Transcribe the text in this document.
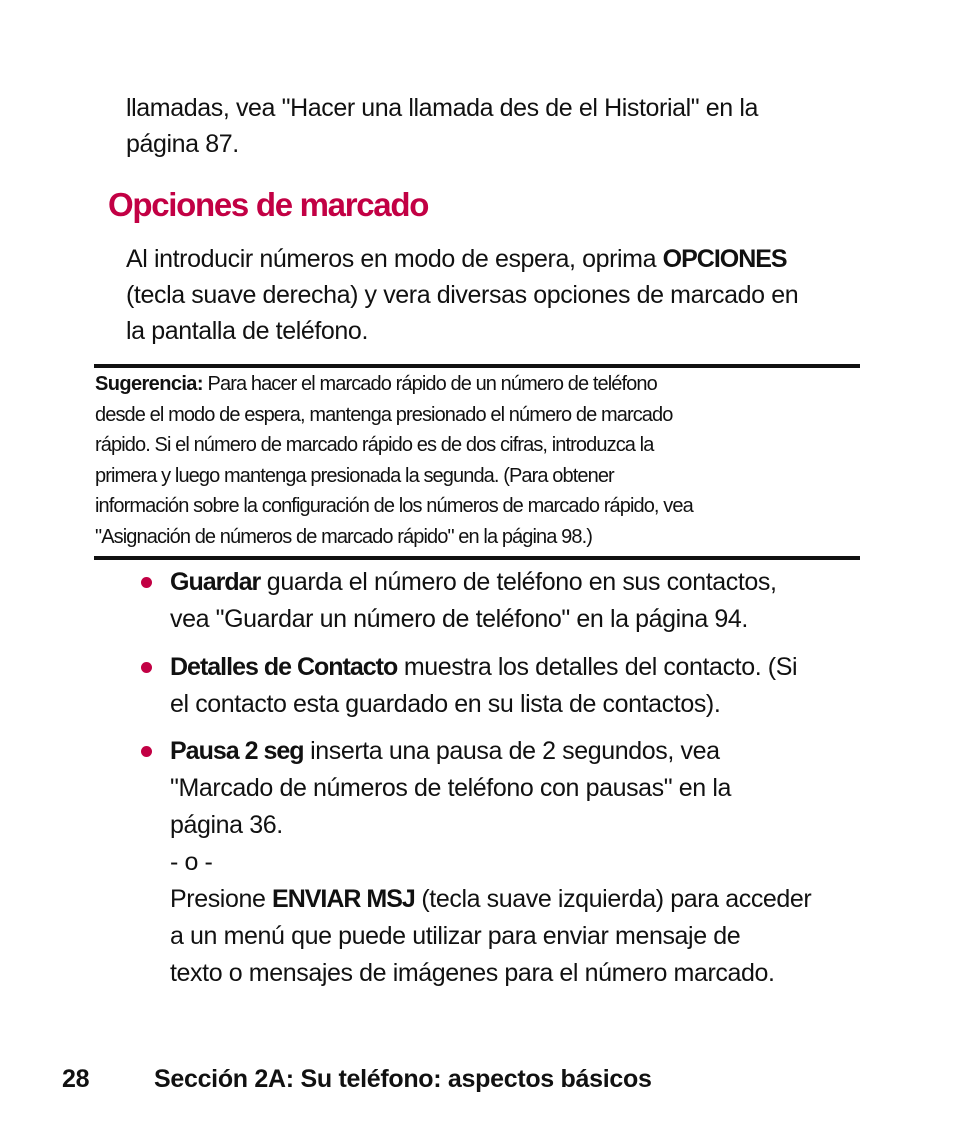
llamadas, vea "Hacer una llamada des de el Historial" en la
página 87.
Opciones de marcado
Al introducir números en modo de espera, oprima OPCIONES
(tecla suave derecha) y vera diversas opciones de marcado en
la pantalla de teléfono.
Sugerencia: Para hacer el marcado rápido de un número de teléfono
desde el modo de espera, mantenga presionado el número de marcado
rápido. Si el número de marcado rápido es de dos cifras, introduzca la
primera y luego mantenga presionada la segunda. (Para obtener
información sobre la configuración de los números de marcado rápido, vea
"Asignación de números de marcado rápido" en la página 98.)
Guardar guarda el número de teléfono en sus contactos,
vea "Guardar un número de teléfono" en la página 94.
Detalles de Contacto muestra los detalles del contacto. (Si
el contacto esta guardado en su lista de contactos).
Pausa 2 seg inserta una pausa de 2 segundos, vea
"Marcado de números de teléfono con pausas" en la
página 36.
- o -
Presione ENVIAR MSJ (tecla suave izquierda) para acceder
a un menú que puede utilizar para enviar mensaje de
texto o mensajes de imágenes para el número marcado.
28	Sección 2A: Su teléfono: aspectos básicos
